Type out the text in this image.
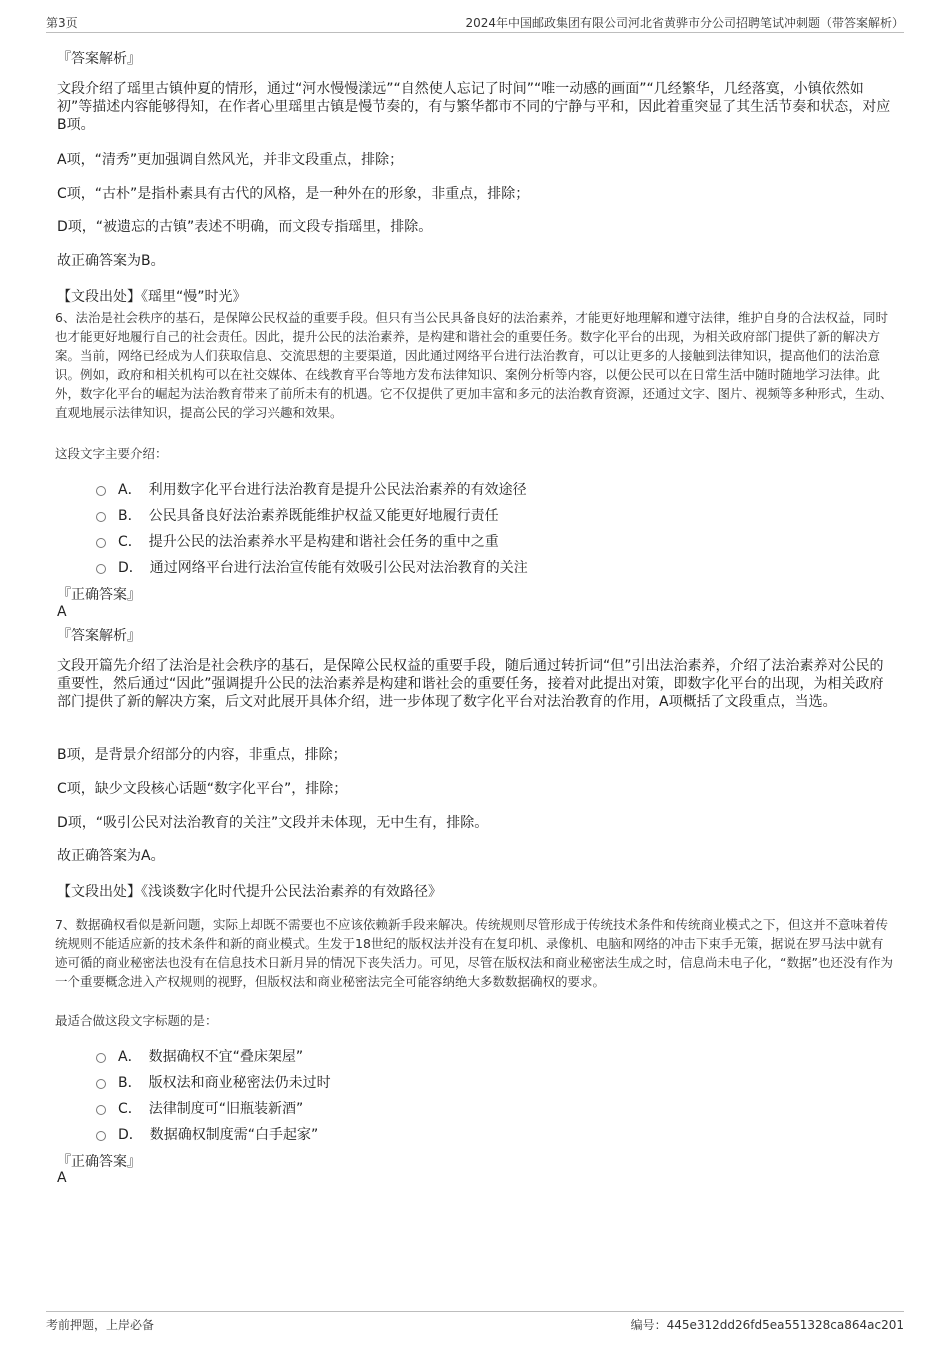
第3页	2024年中国邮政集团有限公司河北省黄骅市分公司招聘笔试冲刺题（带答案解析）
『答案解析』

文段介绍了瑶里古镇仲夏的情形，通过“河水慢慢漾远”“自然使人忘记了时间”“唯一动感的画面”“几经繁华，几经落寞，小镇依然如初”等描述内容能够得知，在作者心里瑶里古镇是慢节奏的，有与繁华都市不同的宁静与平和，因此着重突显了其生活节奏和状态，对应B项。

A项，“清秀”更加强调自然风光，并非文段重点，排除；

C项，“古朴”是指朴素具有古代的风格，是一种外在的形象，非重点，排除；

D项，“被遗忘的古镇”表述不明确，而文段专指瑶里，排除。

故正确答案为B。

【文段出处】《瑶里“慢”时光》

6、法治是社会秩序的基石，是保障公民权益的重要手段。但只有当公民具备良好的法治素养，才能更好地理解和遵守法律，维护自身的合法权益，同时也才能更好地履行自己的社会责任。因此，提升公民的法治素养，是构建和谐社会的重要任务。数字化平台的出现，为相关政府部门提供了新的解决方案。当前，网络已经成为人们获取信息、交流思想的主要渠道，因此通过网络平台进行法治教育，可以让更多的人接触到法律知识，提高他们的法治意识。例如，政府和相关机构可以在社交媒体、在线教育平台等地方发布法律知识、案例分析等内容，以便公民可以在日常生活中随时随地学习法律。此外，数字化平台的崛起为法治教育带来了前所未有的机遇。它不仅提供了更加丰富和多元的法治教育资源，还通过文字、图片、视频等多种形式，生动、直观地展示法律知识，提高公民的学习兴趣和效果。

这段文字主要介绍：
A．　利用数字化平台进行法治教育是提升公民法治素养的有效途径
B．　公民具备良好法治素养既能维护权益又能更好地履行责任
C．　提升公民的法治素养水平是构建和谐社会任务的重中之重
D．　通过网络平台进行法治宣传能有效吸引公民对法治教育的关注
『正确答案』
A
『答案解析』

文段开篇先介绍了法治是社会秩序的基石，是保障公民权益的重要手段，随后通过转折词“但”引出法治素养，介绍了法治素养对公民的重要性，然后通过“因此”强调提升公民的法治素养是构建和谐社会的重要任务，接着对此提出对策，即数字化平台的出现，为相关政府部门提供了新的解决方案，后文对此展开具体介绍，进一步体现了数字化平台对法治教育的作用，A项概括了文段重点，当选。

B项，是背景介绍部分的内容，非重点，排除；

C项，缺少文段核心话题“数字化平台”，排除；

D项，“吸引公民对法治教育的关注”文段并未体现，无中生有，排除。

故正确答案为A。

【文段出处】《浅谈数字化时代提升公民法治素养的有效路径》

7、数据确权看似是新问题，实际上却既不需要也不应该依赖新手段来解决。传统规则尽管形成于传统技术条件和传统商业模式之下，但这并不意味着传统规则不能适应新的技术条件和新的商业模式。生发于18世纪的版权法并没有在复印机、录像机、电脑和网络的冲击下束手无策，据说在罗马法中就有迹可循的商业秘密法也没有在信息技术日新月异的情况下丧失活力。可见，尽管在版权法和商业秘密法生成之时，信息尚未电子化，“数据”也还没有作为一个重要概念进入产权规则的视野，但版权法和商业秘密法完全可能容纳绝大多数数据确权的要求。

最适合做这段文字标题的是：
A．　数据确权不宜“叠床架屋”
B．　版权法和商业秘密法仍未过时
C．　法律制度可“旧瓶装新酒”
D．　数据确权制度需“白手起家”
『正确答案』
A
考前押题，上岸必备	编号：445e312dd26fd5ea551328ca864ac201
